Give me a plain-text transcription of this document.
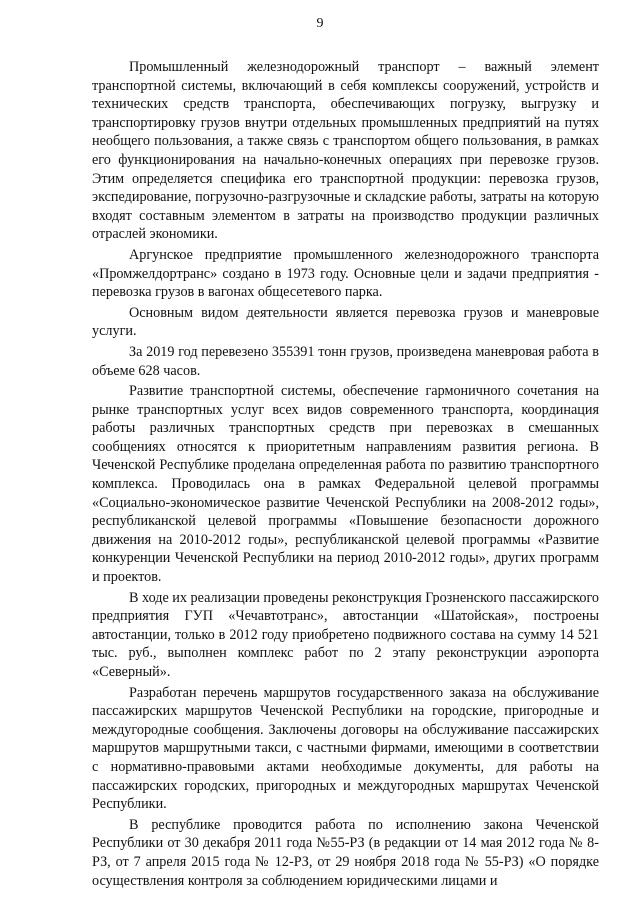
9

Промышленный железнодорожный транспорт – важный элемент транспортной системы, включающий в себя комплексы сооружений, устройств и технических средств транспорта, обеспечивающих погрузку, выгрузку и транспортировку грузов внутри отдельных промышленных предприятий на путях необщего пользования, а также связь с транспортом общего пользования, в рамках его функционирования на начально-конечных операциях при перевозке грузов. Этим определяется специфика его транспортной продукции: перевозка грузов, экспедирование, погрузочно-разгрузочные и складские работы, затраты на которую входят составным элементом в затраты на производство продукции различных отраслей экономики.

Аргунское предприятие промышленного железнодорожного транспорта «Промжелдортранс» создано в 1973 году. Основные цели и задачи предприятия - перевозка грузов в вагонах общесетевого парка.

Основным видом деятельности является перевозка грузов и маневровые услуги.

За 2019 год перевезено 355391 тонн грузов, произведена маневровая работа в объеме 628 часов.

Развитие транспортной системы, обеспечение гармоничного сочетания на рынке транспортных услуг всех видов современного транспорта, координация работы различных транспортных средств при перевозках в смешанных сообщениях относятся к приоритетным направлениям развития региона. В Чеченской Республике проделана определенная работа по развитию транспортного комплекса. Проводилась она в рамках Федеральной целевой программы «Социально-экономическое развитие Чеченской Республики на 2008-2012 годы», республиканской целевой программы «Повышение безопасности дорожного движения на 2010-2012 годы», республиканской целевой программы «Развитие конкуренции Чеченской Республики на период 2010-2012 годы», других программ и проектов.

В ходе их реализации проведены реконструкция Грозненского пассажирского предприятия ГУП «Чечавтотранс», автостанции «Шатойская», построены автостанции, только в 2012 году приобретено подвижного состава на сумму 14 521 тыс. руб., выполнен комплекс работ по 2 этапу реконструкции аэропорта «Северный».

Разработан перечень маршрутов государственного заказа на обслуживание пассажирских маршрутов Чеченской Республики на городские, пригородные и междугородные сообщения. Заключены договоры на обслуживание пассажирских маршрутов маршрутными такси, с частными фирмами, имеющими в соответствии с нормативно-правовыми актами необходимые документы, для работы на пассажирских городских, пригородных и междугородных маршрутах Чеченской Республики.

В республике проводится работа по исполнению закона Чеченской Республики от 30 декабря 2011 года №55-РЗ (в редакции от 14 мая 2012 года № 8-РЗ, от 7 апреля 2015 года № 12-РЗ, от 29 ноября 2018 года № 55-РЗ) «О порядке осуществления контроля за соблюдением юридическими лицами и
